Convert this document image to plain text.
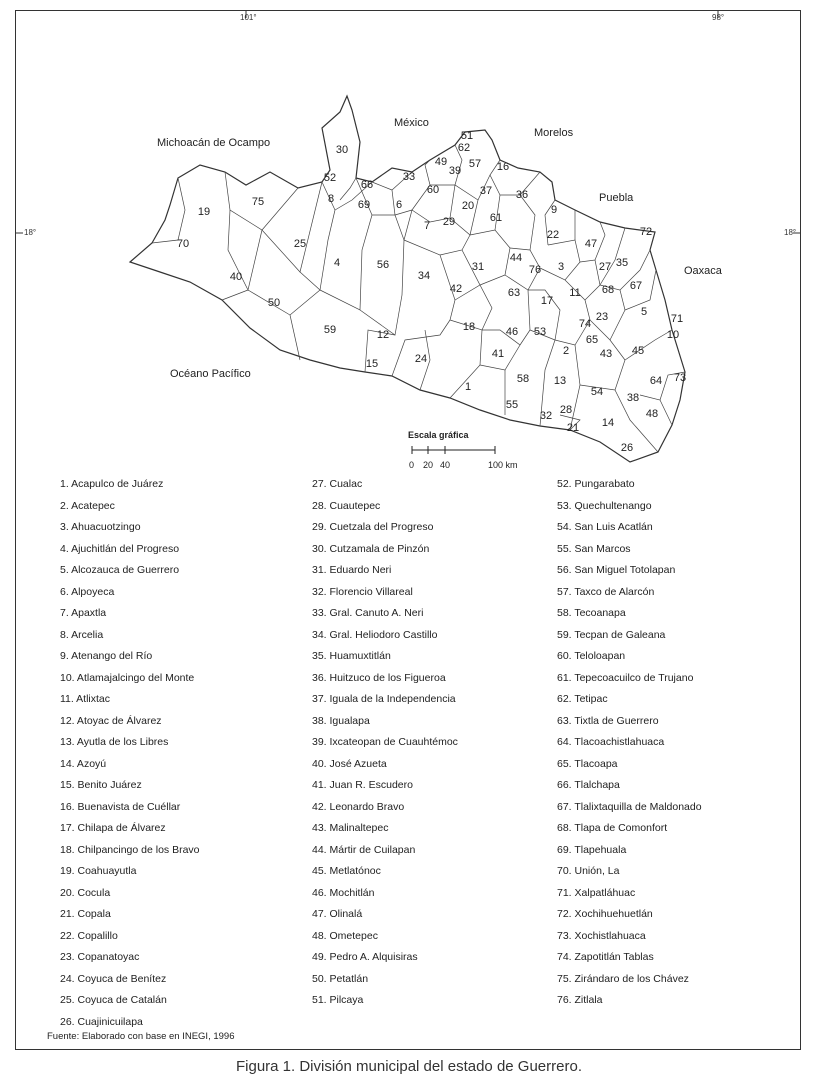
1
2
3
4
5
6
7
8
9
10
11
12
13
14
15
16
17
18
19	20
21
22
23
24
25
26
27
28
29
30
31
32
33
34
35
36
37
38
39
40
41
42
43
44
45
46
47
48
49
50
51
52
53
54
55
56
57
58
59
60
61
62
63
64
65
66
67
68
69
70
71
72
73
74
75
76
101°	98°
18°	18°
Michoacán de Ocampo
México
Morelos
Puebla
Oaxaca
Océano Pacífico
Escala gráfica
0 20 40	100 km
1. Acapulco de Juárez
2. Acatepec
3. Ahuacuotzingo
4. Ajuchitlán del Progreso
5. Alcozauca de Guerrero
6. Alpoyeca
7. Apaxtla
8. Arcelia
9. Atenango del Río
10. Atlamajalcingo del Monte
11. Atlixtac
12. Atoyac de Álvarez
13. Ayutla de los Libres
14. Azoyú
15. Benito Juárez
16. Buenavista de Cuéllar
17. Chilapa de Álvarez
18. Chilpancingo de los Bravo
19. Coahuayutla
20. Cocula
21. Copala
22. Copalillo
23. Copanatoyac
24. Coyuca de Benítez
25. Coyuca de Catalán
26. Cuajinicuilapa
27. Cualac
28. Cuautepec
29. Cuetzala del Progreso
30. Cutzamala de Pinzón
31. Eduardo Neri
32. Florencio Villareal
33. Gral. Canuto A. Neri
34. Gral. Heliodoro Castillo
35. Huamuxtitlán
36. Huitzuco de los Figueroa
37. Iguala de la Independencia
38. Igualapa
39. Ixcateopan de Cuauhtémoc
40. José Azueta
41. Juan R. Escudero
42. Leonardo Bravo
43. Malinaltepec
44. Mártir de Cuilapan
45. Metlatónoc
46. Mochitlán
47. Olinalá
48. Ometepec
49. Pedro A. Alquisiras
50. Petatlán
51. Pilcaya
52. Pungarabato
53. Quechultenango
54. San Luis Acatlán
55. San Marcos
56. San Miguel Totolapan
57. Taxco de Alarcón
58. Tecoanapa
59. Tecpan de Galeana
60. Teloloapan
61. Tepecoacuilco de Trujano
62. Tetipac
63. Tixtla de Guerrero
64. Tlacoachistlahuaca
65. Tlacoapa
66. Tlalchapa
67. Tlalixtaquilla de Maldonado
68. Tlapa de Comonfort
69. Tlapehuala
70. Unión, La
71. Xalpatláhuac
72. Xochihuehuetlán
73. Xochistlahuaca
74. Zapotitlán Tablas
75. Zirándaro de los Chávez
76. Zitlala
Fuente: Elaborado con base en INEGI, 1996
Figura 1. División municipal del estado de Guerrero.
